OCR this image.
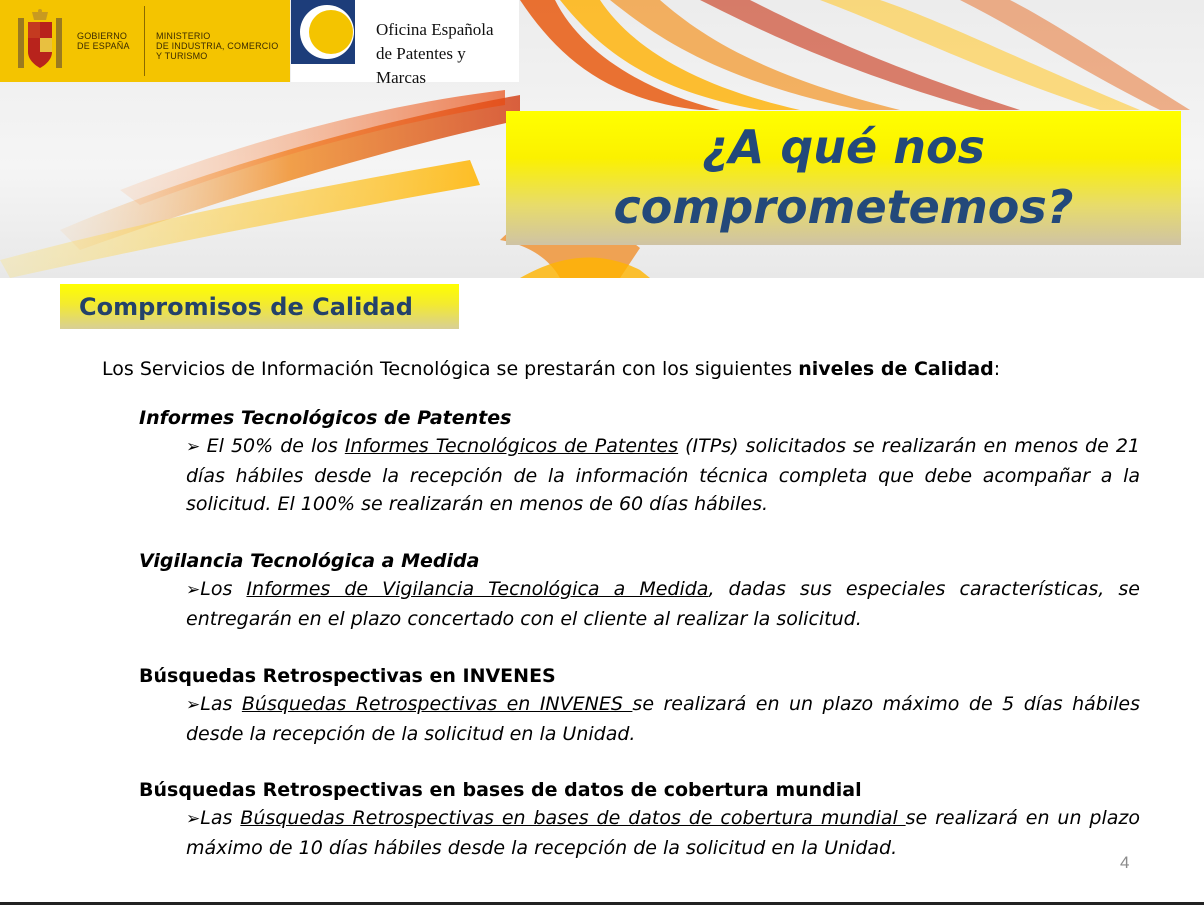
GOBIERNO
DE ESPAÑA
MINISTERIO
DE INDUSTRIA, COMERCIO
Y TURISMO
Oficina Española
de Patentes y Marcas
¿A qué nos
comprometemos?
Compromisos de Calidad
Los Servicios de Información Tecnológica se prestarán con los siguientes niveles de Calidad:
Informes Tecnológicos de Patentes
➢ El 50% de los Informes Tecnológicos de Patentes (ITPs) solicitados se realizarán en menos de 21 días hábiles desde la recepción de la información técnica completa que debe acompañar a la solicitud. El 100% se realizarán en menos de 60 días hábiles.
Vigilancia Tecnológica a Medida
➢Los Informes de Vigilancia Tecnológica a Medida, dadas sus especiales características, se entregarán en el plazo concertado con el cliente al realizar la solicitud.
Búsquedas Retrospectivas en INVENES
➢Las Búsquedas Retrospectivas en INVENES se realizará en un plazo máximo de 5 días hábiles desde la recepción de la solicitud en la Unidad.
Búsquedas Retrospectivas en bases de datos de cobertura mundial
➢Las Búsquedas Retrospectivas en bases de datos de cobertura mundial se realizará en un plazo máximo de 10 días hábiles desde la recepción de la solicitud en la Unidad.
4
